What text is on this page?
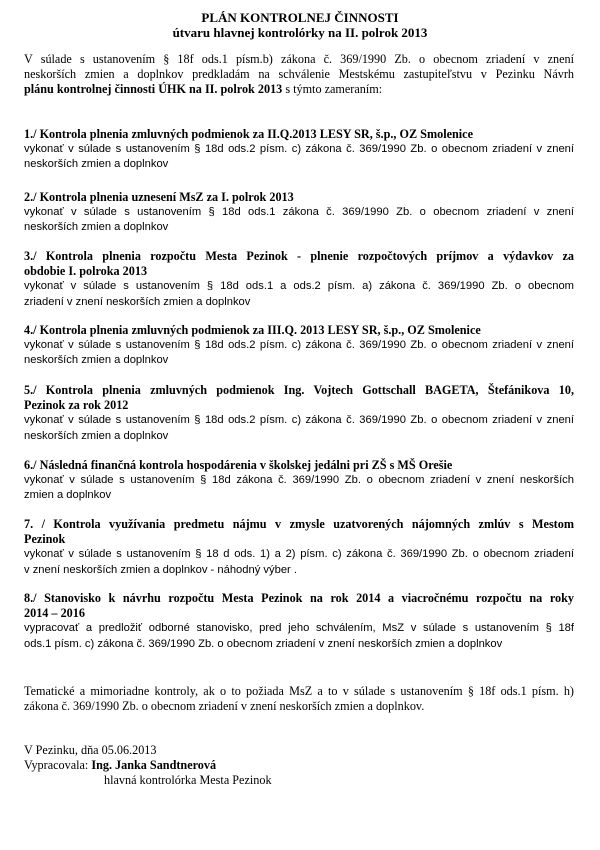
PLÁN KONTROLNEJ ČINNOSTI
útvaru hlavnej kontrolórky na II. polrok 2013
V súlade s ustanovením § 18f ods.1 písm.b) zákona č. 369/1990 Zb. o obecnom zriadení v znení
neskorších zmien a doplnkov predkladám na schválenie Mestskému zastupiteľstvu v Pezinku Návrh
plánu kontrolnej činnosti ÚHK na II. polrok 2013 s týmto zameraním:
1./ Kontrola plnenia zmluvných podmienok za II.Q.2013 LESY SR, š.p., OZ Smolenice
vykonať v súlade s ustanovením § 18d ods.2 písm. c) zákona č. 369/1990 Zb. o obecnom zriadení v znení
neskorších zmien a doplnkov
2./ Kontrola plnenia uznesení MsZ za I. polrok 2013
vykonať v súlade s ustanovením § 18d ods.1 zákona č. 369/1990 Zb. o obecnom zriadení v znení
neskorších zmien a doplnkov
3./ Kontrola plnenia rozpočtu Mesta Pezinok - plnenie rozpočtových príjmov a výdavkov za
obdobie I. polroka 2013
vykonať v súlade s ustanovením § 18d ods.1 a ods.2 písm. a) zákona č. 369/1990 Zb. o obecnom
zriadení v znení neskorších zmien a doplnkov
4./ Kontrola plnenia zmluvných podmienok za III.Q. 2013 LESY SR, š.p., OZ Smolenice
vykonať v súlade s ustanovením § 18d ods.2 písm. c) zákona č. 369/1990 Zb. o obecnom zriadení v znení
neskorších zmien a doplnkov
5./ Kontrola plnenia zmluvných podmienok Ing. Vojtech Gottschall BAGETA, Štefánikova 10,
Pezinok za rok 2012
vykonať v súlade s ustanovením § 18d ods.2 písm. c) zákona č. 369/1990 Zb. o obecnom zriadení v znení
neskorších zmien a doplnkov
6./ Následná finančná kontrola hospodárenia v školskej jedálni pri ZŠ s MŠ Orešie
vykonať v súlade s ustanovením § 18d zákona č. 369/1990 Zb. o obecnom zriadení v znení neskorších
zmien a doplnkov
7. / Kontrola využívania predmetu nájmu v zmysle uzatvorených nájomných zmlúv s Mestom
Pezinok
vykonať v súlade s ustanovením § 18 d ods. 1) a 2) písm. c) zákona č. 369/1990 Zb. o obecnom zriadení
v znení neskorších zmien a doplnkov - náhodný výber .
8./ Stanovisko k návrhu rozpočtu Mesta Pezinok na rok 2014 a viacročnému rozpočtu na roky
2014 – 2016
vypracovať a predložiť odborné stanovisko, pred jeho schválením, MsZ v súlade s ustanovením § 18f
ods.1 písm. c) zákona č. 369/1990 Zb. o obecnom zriadení v znení neskorších zmien a doplnkov
Tematické a mimoriadne kontroly, ak o to požiada MsZ a to v súlade s ustanovením § 18f ods.1 písm. h)
zákona č. 369/1990 Zb. o obecnom zriadení v znení neskorších zmien a doplnkov.
V Pezinku, dňa 05.06.2013
Vypracovala: Ing. Janka Sandtnerová
hlavná kontrolórka Mesta Pezinok
